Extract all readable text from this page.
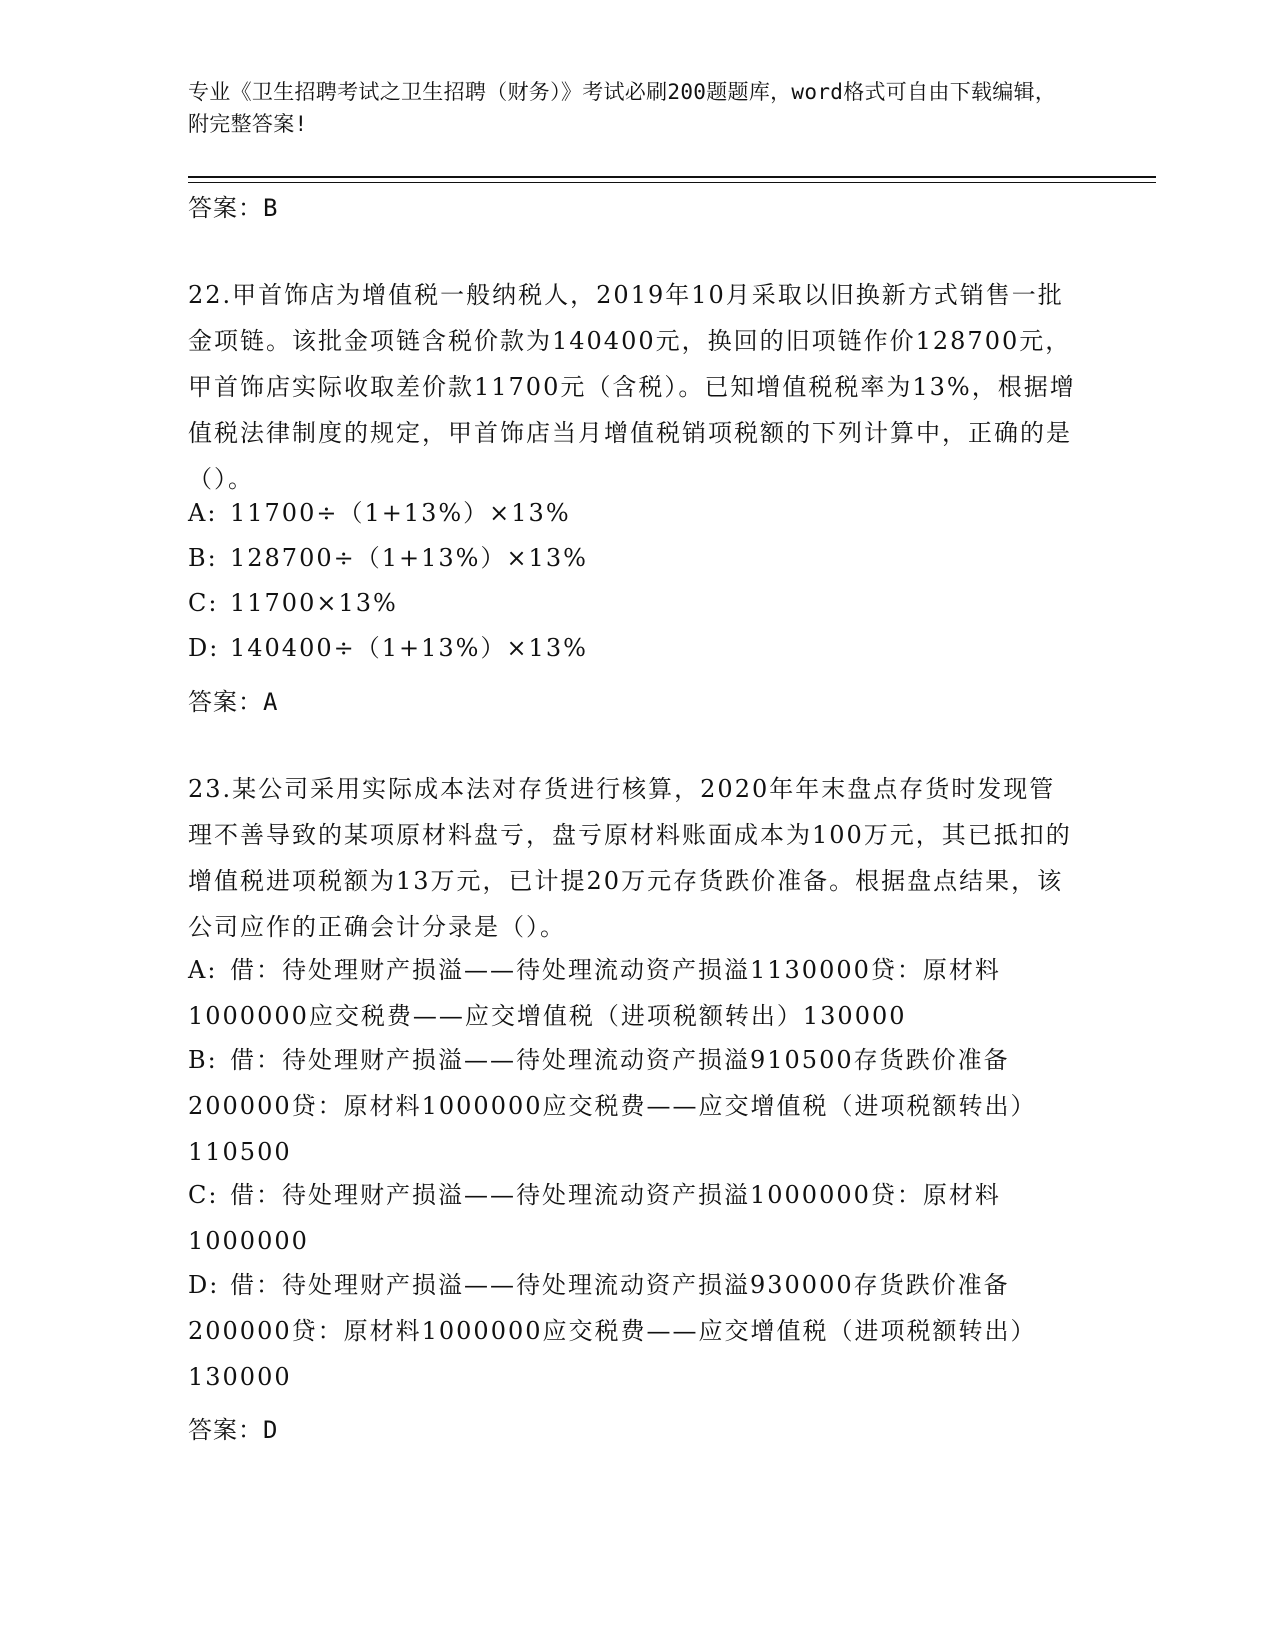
专业《卫生招聘考试之卫生招聘（财务）》考试必刷200题题库，word格式可自由下载编辑，附完整答案!
答案：B
22.甲首饰店为增值税一般纳税人，2019年10月采取以旧换新方式销售一批金项链。该批金项链含税价款为140400元，换回的旧项链作价128700元，甲首饰店实际收取差价款11700元（含税）。已知增值税税率为13%，根据增值税法律制度的规定，甲首饰店当月增值税销项税额的下列计算中，正确的是（）。
A: 11700÷（1+13%）×13%
B: 128700÷（1+13%）×13%
C: 11700×13%
D: 140400÷（1+13%）×13%
答案：A
23.某公司采用实际成本法对存货进行核算，2020年年末盘点存货时发现管理不善导致的某项原材料盘亏，盘亏原材料账面成本为100万元，其已抵扣的增值税进项税额为13万元，已计提20万元存货跌价准备。根据盘点结果，该公司应作的正确会计分录是（）。
A: 借：待处理财产损溢——待处理流动资产损溢1130000贷：原材料1000000应交税费——应交增值税（进项税额转出）130000
B: 借：待处理财产损溢——待处理流动资产损溢910500存货跌价准备200000贷：原材料1000000应交税费——应交增值税（进项税额转出）110500
C: 借：待处理财产损溢——待处理流动资产损溢1000000贷：原材料1000000
D: 借：待处理财产损溢——待处理流动资产损溢930000存货跌价准备200000贷：原材料1000000应交税费——应交增值税（进项税额转出）130000
答案：D
